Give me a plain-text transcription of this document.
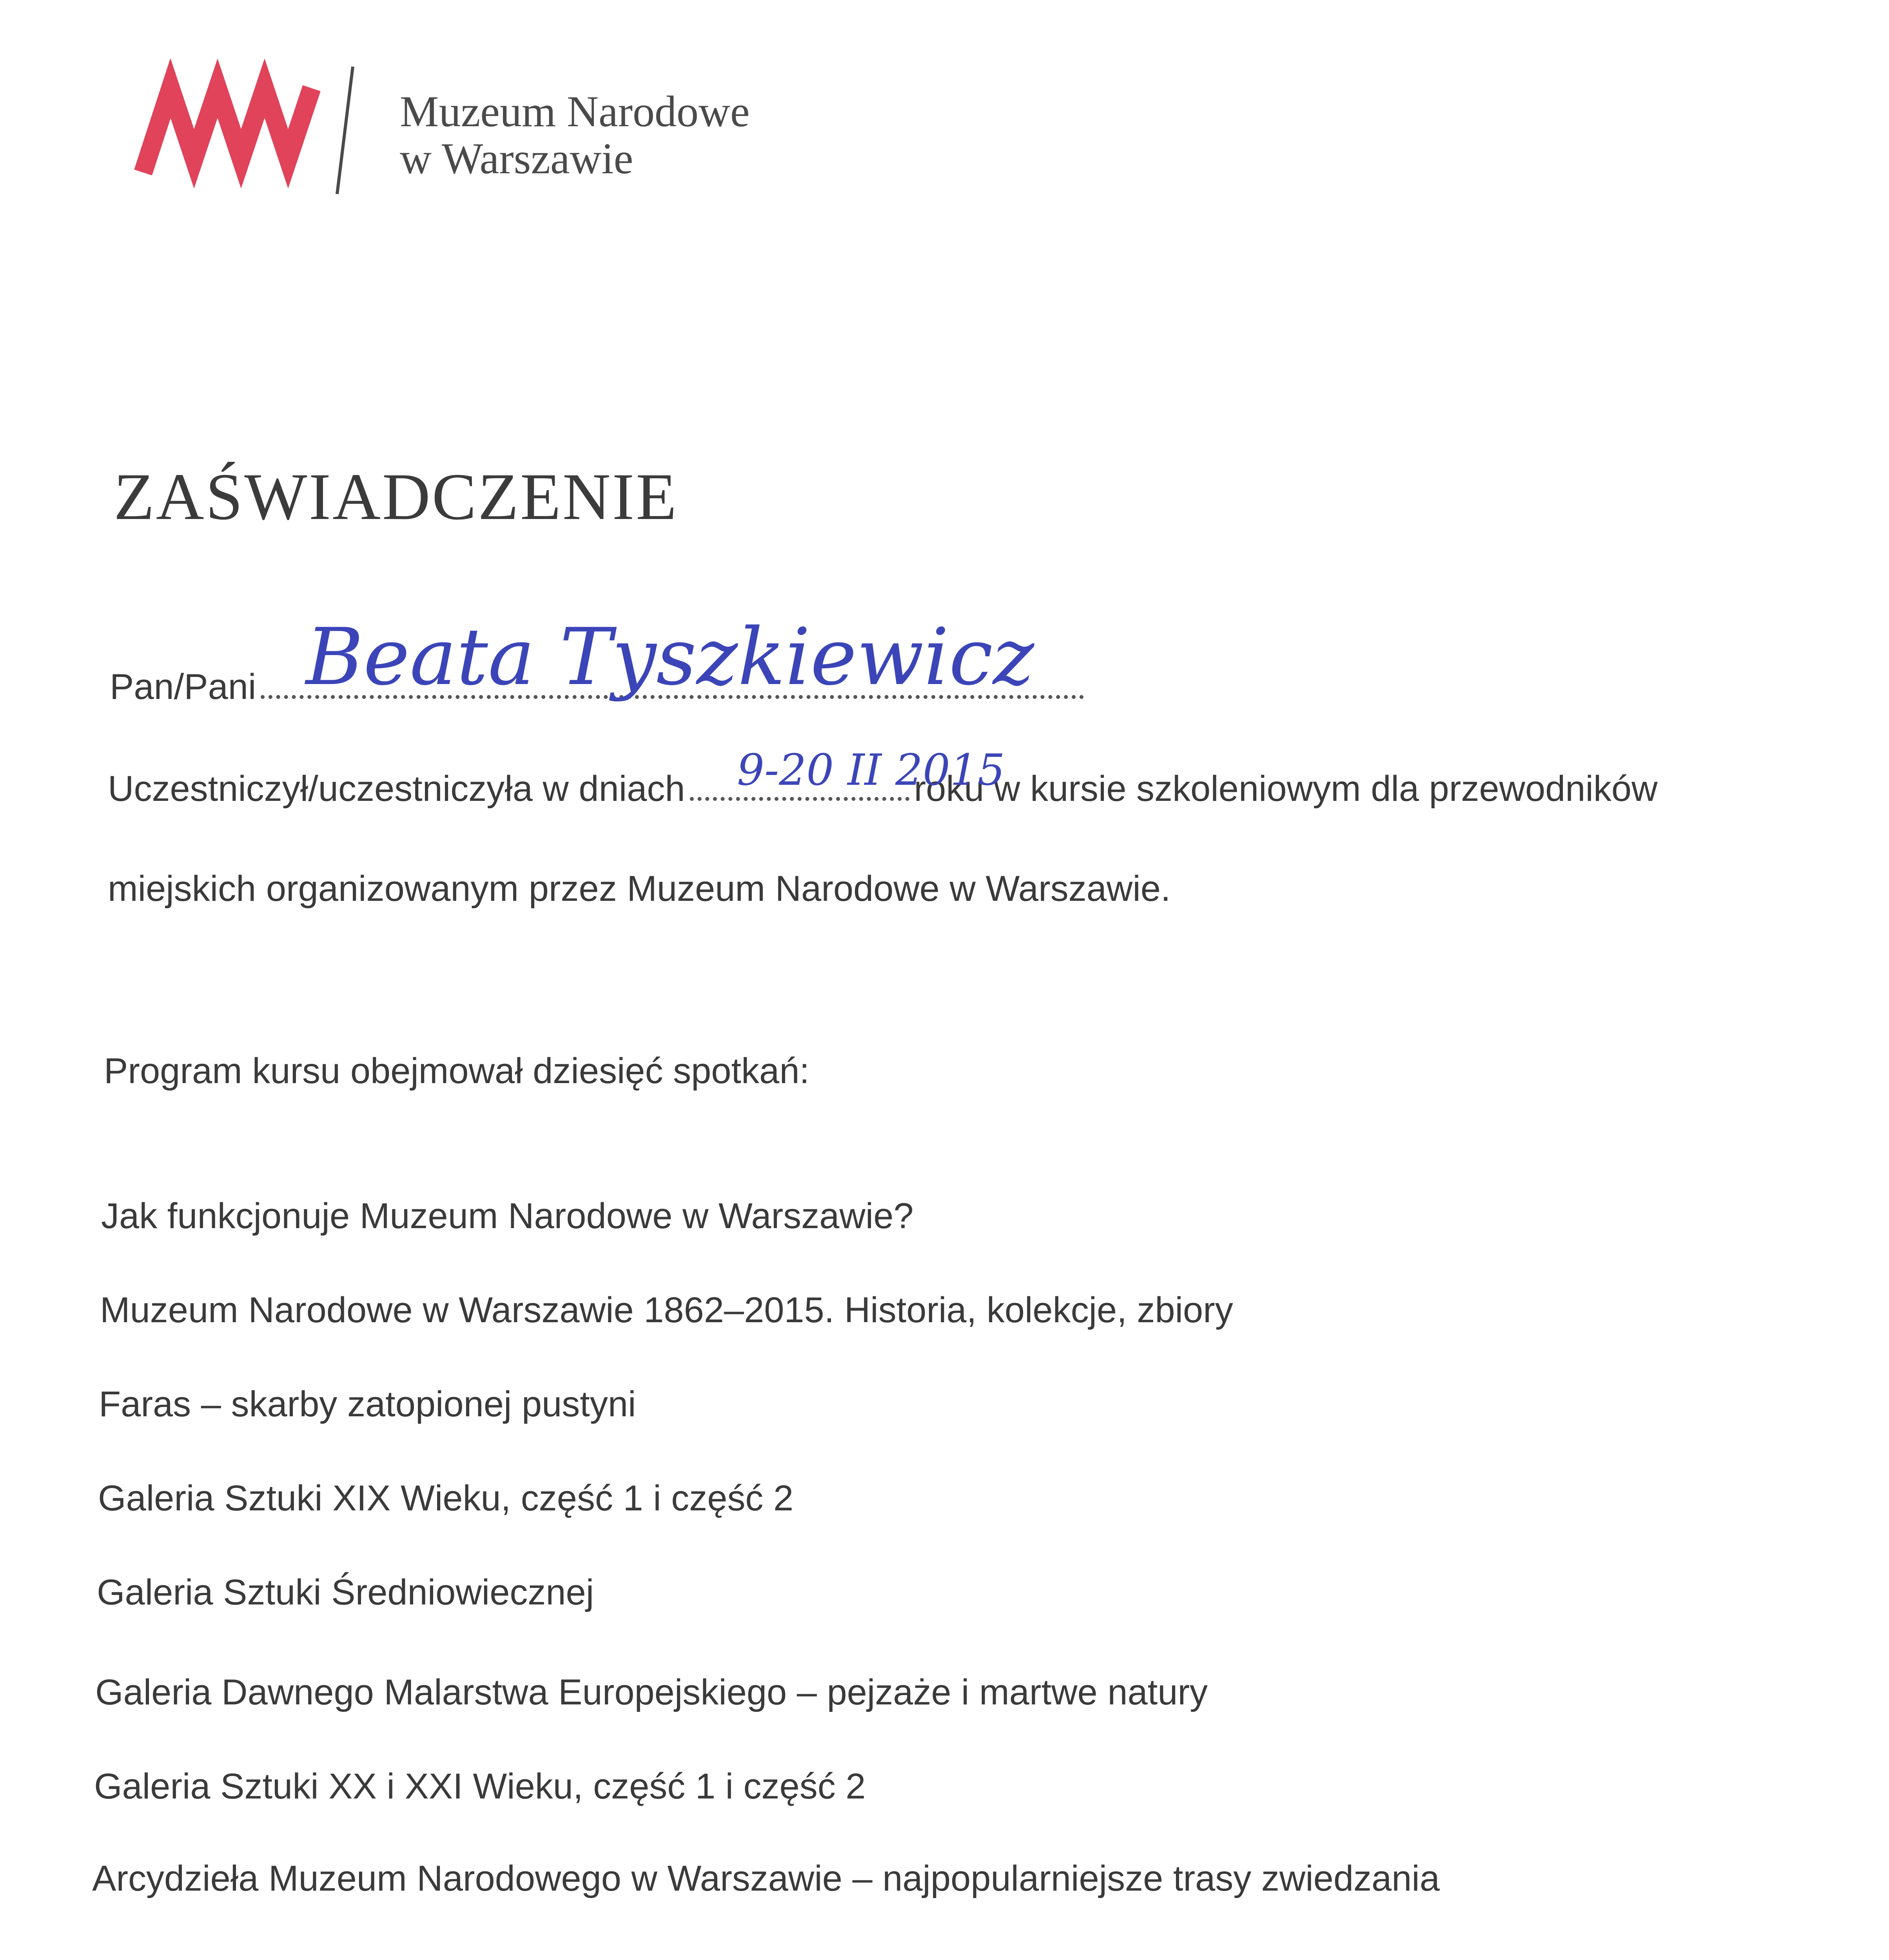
Muzeum Narodowe
w Warszawie
ZAŚWIADCZENIE
Pan/Pani Beata Tyszkiewicz
Uczestniczył/uczestniczyła w dniach	roku w kursie szkoleniowym dla przewodników
9-20 II 2015
miejskich organizowanym przez Muzeum Narodowe w Warszawie.
Program kursu obejmował dziesięć spotkań:
Jak funkcjonuje Muzeum Narodowe w Warszawie?
Muzeum Narodowe w Warszawie 1862–2015. Historia, kolekcje, zbiory
Faras – skarby zatopionej pustyni
Galeria Sztuki XIX Wieku, część 1 i część 2
Galeria Sztuki Średniowiecznej
Galeria Dawnego Malarstwa Europejskiego – pejzaże i martwe natury
Galeria Sztuki XX i XXI Wieku, część 1 i część 2
Arcydzieła Muzeum Narodowego w Warszawie – najpopularniejsze trasy zwiedzania
